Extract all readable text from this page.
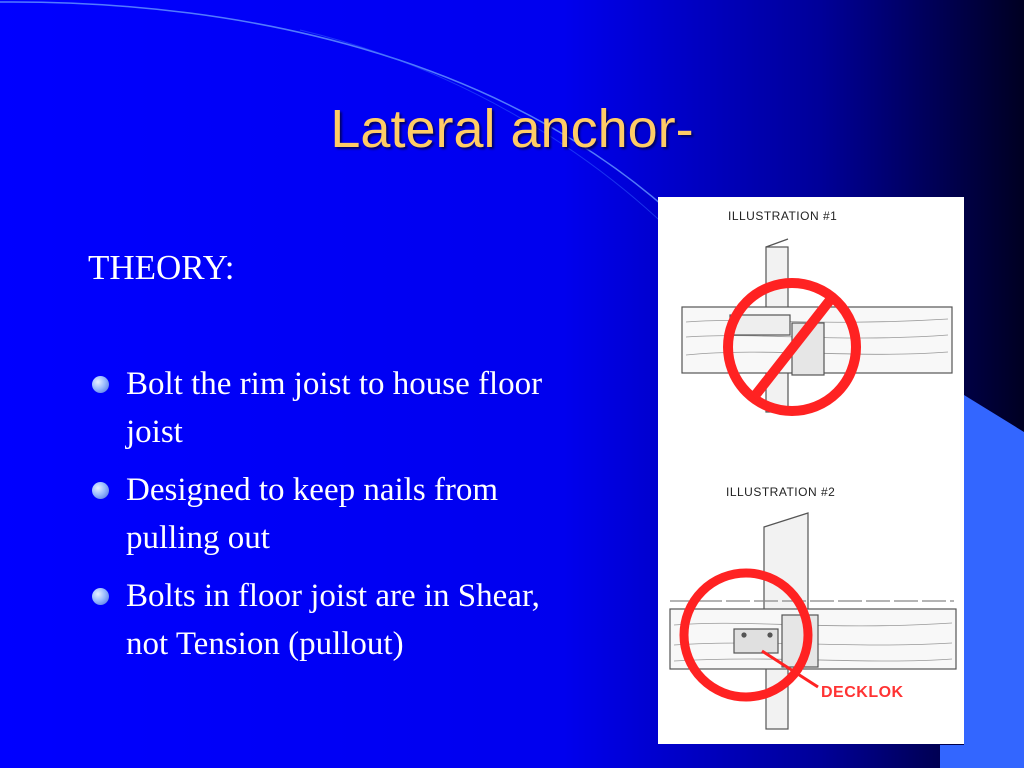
Lateral anchor-
THEORY:
Bolt the rim joist to house floor joist
Designed to keep nails from pulling out
Bolts in floor joist are in Shear, not Tension (pullout)
ILLUSTRATION #1
ILLUSTRATION #2
DECKLOK
